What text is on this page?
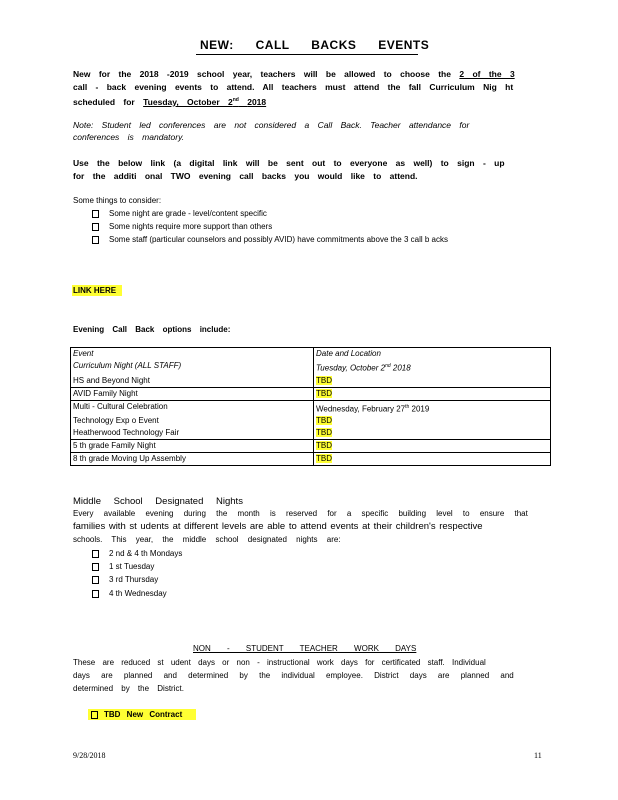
NEW: CALL BACKS EVENTS
New for the 2018 -2019 school year, teachers will be allowed to choose the 2 of the 3 call - back evening events to attend. All teachers must attend the fall Curriculum Nig ht scheduled for Tuesday, October 2nd 2018
Note: Student led conferences are not considered a Call Back. Teacher attendance for conferences is mandatory.
Use the below link (a digital link will be sent out to everyone as well) to sign - up for the additi onal TWO evening call backs you would like to attend.
Some things to consider:
Some night are grade - level/content specific
Some nights require more support than others
Some staff (particular counselors and possibly AVID) have commitments above the 3 call b acks
LINK HERE
Evening Call Back options include:
Event	Date and Location
Curriculum Night (ALL STAFF)	Tuesday, October 2nd 2018
HS and Beyond Night	TBD
AVID Family Night	TBD
Multi - Cultural Celebration	Wednesday, February 27th 2019
Technology Exp o Event	TBD
Heatherwood Technology Fair	TBD
5 th grade Family Night	TBD
8 th grade Moving Up Assembly	TBD
Middle School Designated Nights
Every available evening during the month is reserved for a specific building level to ensure that
families with st udents at different levels are able to attend events at their children's respective
schools. This year, the middle school designated nights are:
2 nd & 4 th Mondays
1 st Tuesday
3 rd Thursday
4 th Wednesday
NON - STUDENT TEACHER WORK DAYS
These are reduced st udent days or non - instructional work days for certificated staff. Individual
days are planned and determined by the individual employee. District days are planned and
determined by the District.
TBD New Contract
9/28/2018	11
